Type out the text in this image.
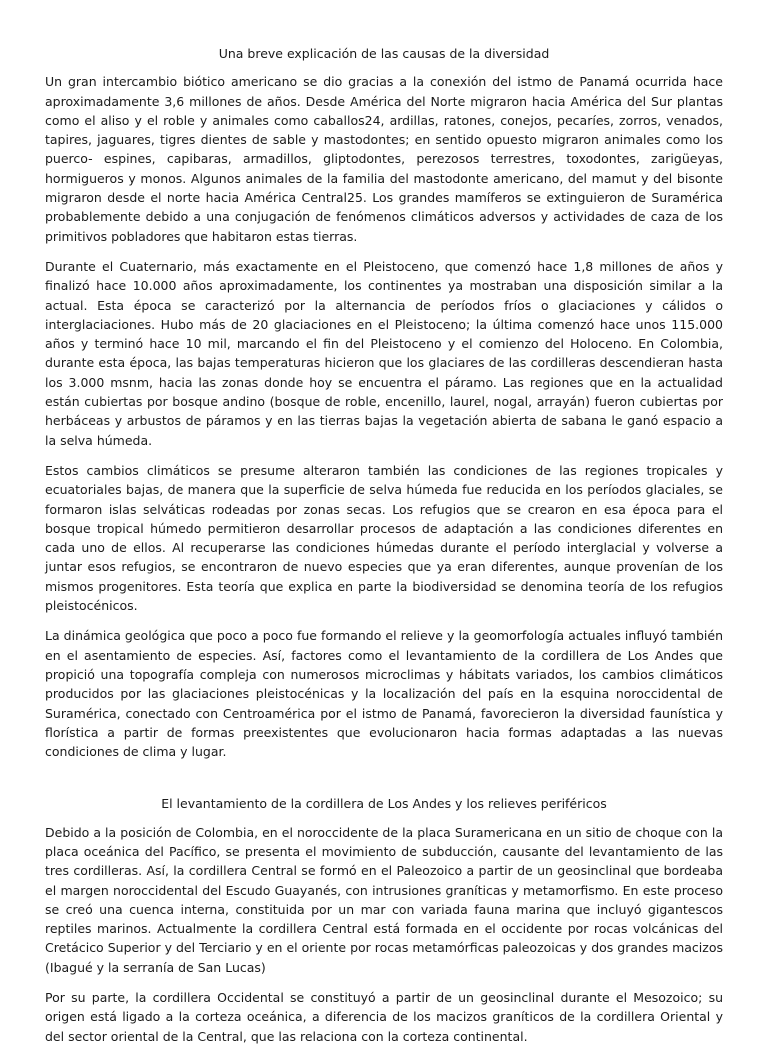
Una breve explicación de las causas de la diversidad

Un gran intercambio biótico americano se dio gracias a la conexión del istmo de Panamá ocurrida hace aproximadamente 3,6 millones de años. Desde América del Norte migraron hacia América del Sur plantas como el aliso y el roble y animales como caballos24, ardillas, ratones, conejos, pecaríes, zorros, venados, tapires, jaguares, tigres dientes de sable y mastodontes; en sentido opuesto migraron animales como los puerco- espines, capibaras, armadillos, gliptodontes, perezosos terrestres, toxodontes, zarigüeyas, hormigueros y monos. Algunos animales de la familia del mastodonte americano, del mamut y del bisonte migraron desde el norte hacia América Central25. Los grandes mamíferos se extinguieron de Suramérica probablemente debido a una conjugación de fenómenos climáticos adversos y actividades de caza de los primitivos pobladores que habitaron estas tierras.

Durante el Cuaternario, más exactamente en el Pleistoceno, que comenzó hace 1,8 millones de años y finalizó hace 10.000 años aproximadamente, los continentes ya mostraban una disposición similar a la actual. Esta época se caracterizó por la alternancia de períodos fríos o glaciaciones y cálidos o interglaciaciones. Hubo más de 20 glaciaciones en el Pleistoceno; la última comenzó hace unos 115.000 años y terminó hace 10 mil, marcando el fin del Pleistoceno y el comienzo del Holoceno. En Colombia, durante esta época, las bajas temperaturas hicieron que los glaciares de las cordilleras descendieran hasta los 3.000 msnm, hacia las zonas donde hoy se encuentra el páramo. Las regiones que en la actualidad están cubiertas por bosque andino (bosque de roble, encenillo, laurel, nogal, arrayán) fueron cubiertas por herbáceas y arbustos de páramos y en las tierras bajas la vegetación abierta de sabana le ganó espacio a la selva húmeda.

Estos cambios climáticos se presume alteraron también las condiciones de las regiones tropicales y ecuatoriales bajas, de manera que la superficie de selva húmeda fue reducida en los períodos glaciales, se formaron islas selváticas rodeadas por zonas secas. Los refugios que se crearon en esa época para el bosque tropical húmedo permitieron desarrollar procesos de adaptación a las condiciones diferentes en cada uno de ellos. Al recuperarse las condiciones húmedas durante el período interglacial y volverse a juntar esos refugios, se encontraron de nuevo especies que ya eran diferentes, aunque provenían de los mismos progenitores. Esta teoría que explica en parte la biodiversidad se denomina teoría de los refugios pleistocénicos.

La dinámica geológica que poco a poco fue formando el relieve y la geomorfología actuales influyó también en el asentamiento de especies. Así, factores como el levantamiento de la cordillera de Los Andes que propició una topografía compleja con numerosos microclimas y hábitats variados, los cambios climáticos producidos por las glaciaciones pleistocénicas y la localización del país en la esquina noroccidental de Suramérica, conectado con Centroamérica por el istmo de Panamá, favorecieron la diversidad faunística y florística a partir de formas preexistentes que evolucionaron hacia formas adaptadas a las nuevas condiciones de clima y lugar.

El levantamiento de la cordillera de Los Andes y los relieves periféricos

Debido a la posición de Colombia, en el noroccidente de la placa Suramericana en un sitio de choque con la placa oceánica del Pacífico, se presenta el movimiento de subducción, causante del levantamiento de las tres cordilleras. Así, la cordillera Central se formó en el Paleozoico a partir de un geosinclinal que bordeaba el margen noroccidental del Escudo Guayanés, con intrusiones graníticas y metamorfismo. En este proceso se creó una cuenca interna, constituida por un mar con variada fauna marina que incluyó gigantescos reptiles marinos. Actualmente la cordillera Central está formada en el occidente por rocas volcánicas del Cretácico Superior y del Terciario y en el oriente por rocas metamórficas paleozoicas y dos grandes macizos (Ibagué y la serranía de San Lucas)

Por su parte, la cordillera Occidental se constituyó a partir de un geosinclinal durante el Mesozoico; su origen está ligado a la corteza oceánica, a diferencia de los macizos graníticos de la cordillera Oriental y del sector oriental de la Central, que las relaciona con la corteza continental.
